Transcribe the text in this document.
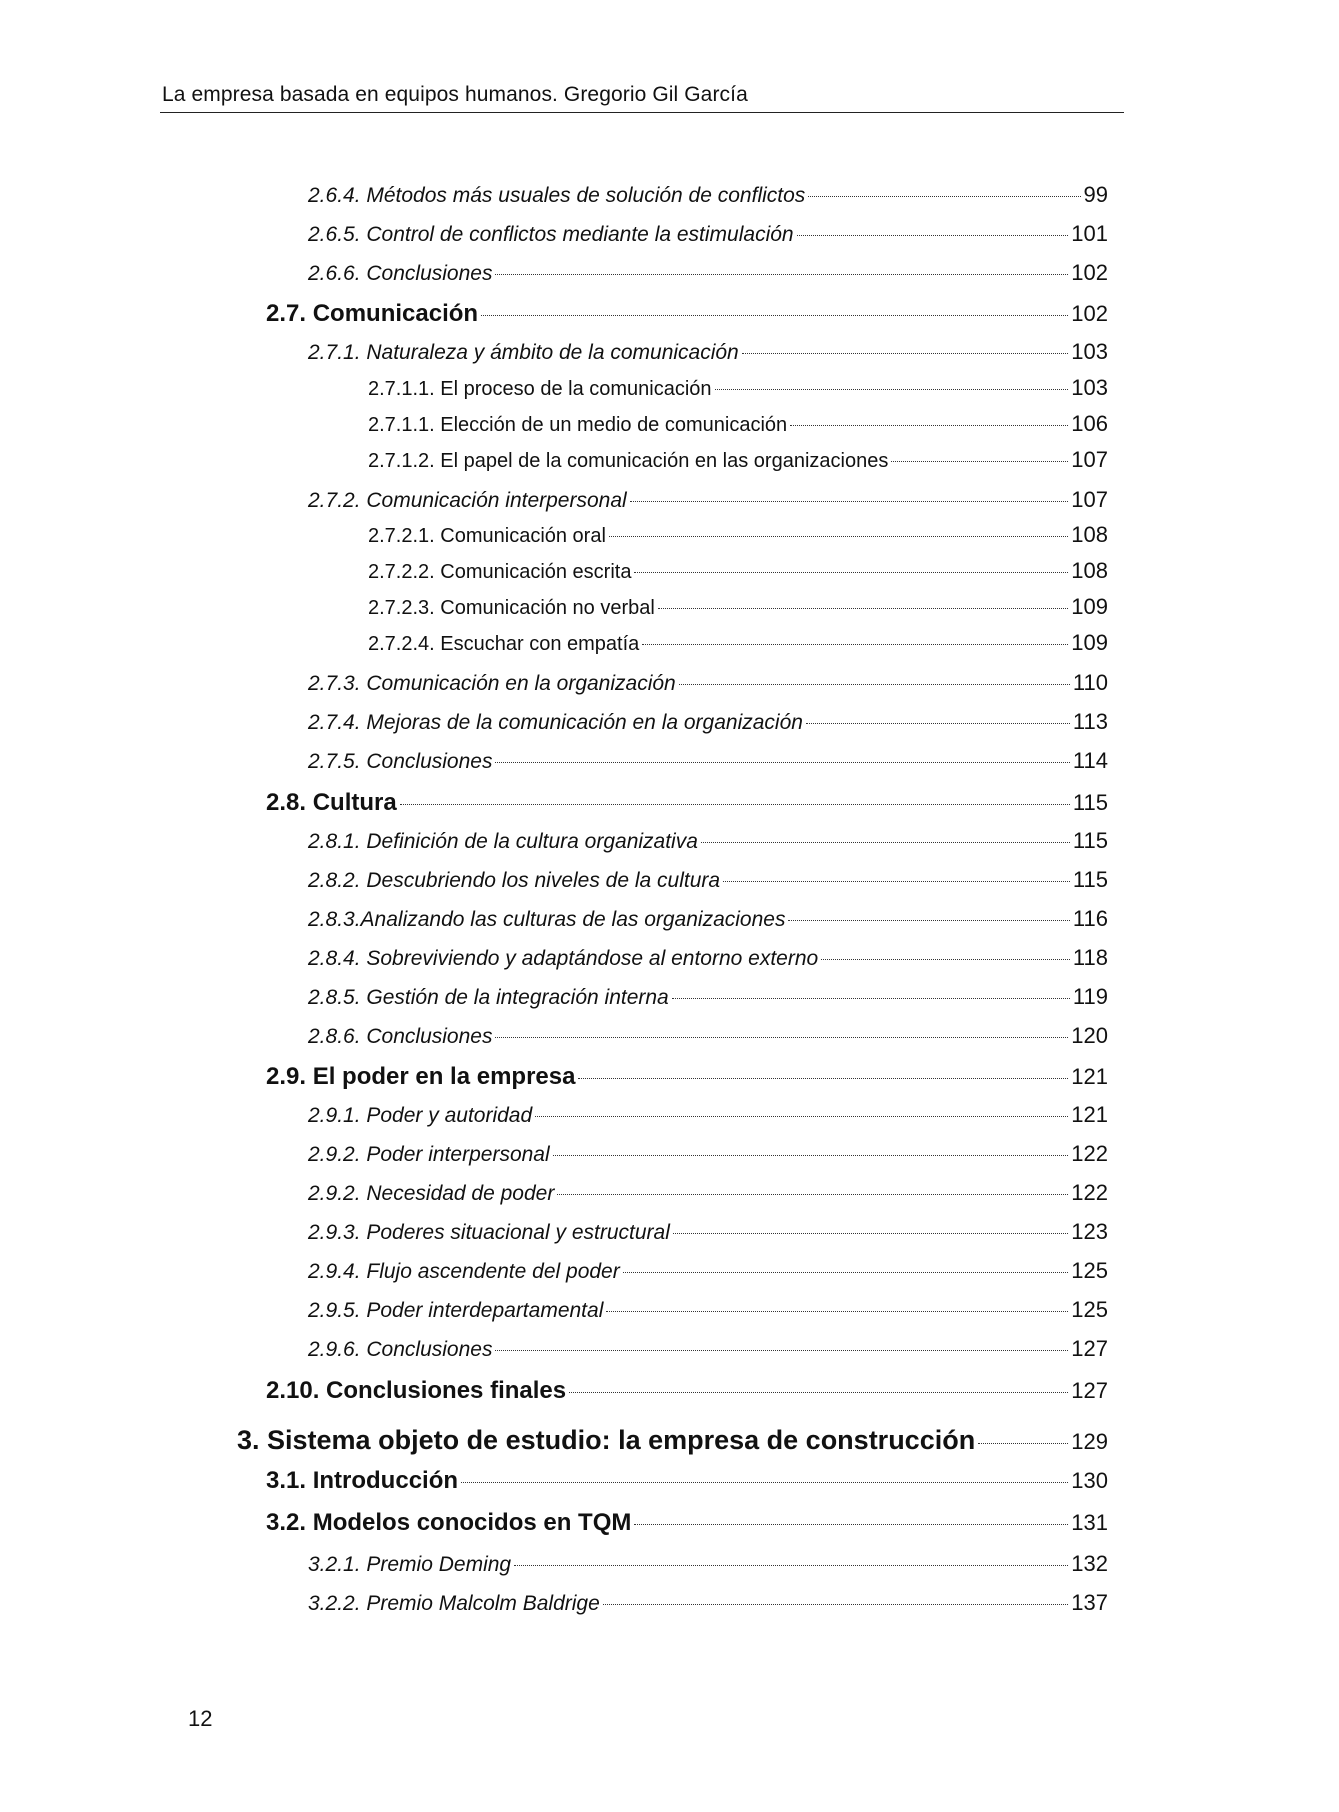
La empresa basada en equipos humanos. Gregorio Gil García
2.6.4. Métodos más usuales de solución de conflictos	99
2.6.5. Control de conflictos mediante la estimulación	101
2.6.6. Conclusiones	102
2.7. Comunicación	102
2.7.1. Naturaleza y ámbito de la comunicación	103
2.7.1.1. El proceso de la comunicación	103
2.7.1.1. Elección de un medio de comunicación	106
2.7.1.2. El papel de la comunicación en las organizaciones	107
2.7.2. Comunicación interpersonal	107
2.7.2.1. Comunicación oral	108
2.7.2.2. Comunicación escrita	108
2.7.2.3. Comunicación no verbal	109
2.7.2.4. Escuchar con empatía	109
2.7.3. Comunicación en la organización	110
2.7.4. Mejoras de la comunicación en la organización	113
2.7.5. Conclusiones	114
2.8. Cultura	115
2.8.1. Definición de la cultura organizativa	115
2.8.2. Descubriendo los niveles de la cultura	115
2.8.3.Analizando las culturas de las organizaciones	116
2.8.4. Sobreviviendo y adaptándose al entorno externo	118
2.8.5. Gestión de la integración interna	119
2.8.6. Conclusiones	120
2.9. El poder en la empresa	121
2.9.1. Poder y autoridad	121
2.9.2. Poder interpersonal	122
2.9.2. Necesidad de poder	122
2.9.3. Poderes situacional y estructural	123
2.9.4. Flujo ascendente del poder	125
2.9.5. Poder interdepartamental	125
2.9.6. Conclusiones	127
2.10. Conclusiones finales	127
3. Sistema objeto de estudio: la empresa de construcción	129
3.1. Introducción	130
3.2. Modelos conocidos en TQM	131
3.2.1. Premio Deming	132
3.2.2. Premio Malcolm Baldrige	137
12
